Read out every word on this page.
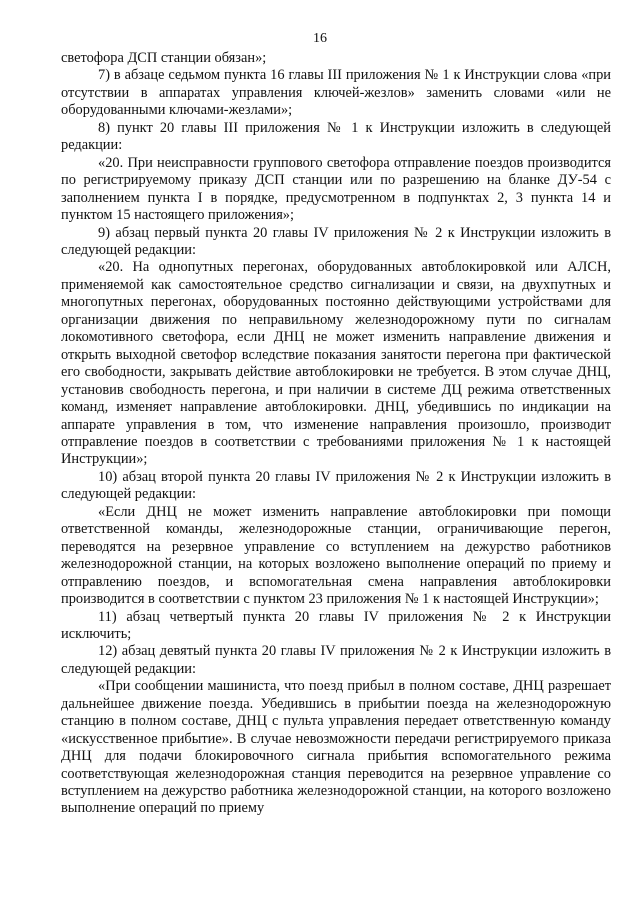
16

светофора ДСП станции обязан»;

7) в абзаце седьмом пункта 16 главы III приложения № 1 к Инструкции слова «при отсутствии в аппаратах управления ключей-жезлов» заменить словами «или не оборудованными ключами-жезлами»;

8) пункт 20 главы III приложения № 1 к Инструкции изложить в следующей редакции:

«20. При неисправности группового светофора отправление поездов производится по регистрируемому приказу ДСП станции или по разрешению на бланке ДУ-54 с заполнением пункта I в порядке, предусмотренном в подпунктах 2, 3 пункта 14 и пунктом 15 настоящего приложения»;

9) абзац первый пункта 20 главы IV приложения № 2 к Инструкции изложить в следующей редакции:

«20. На однопутных перегонах, оборудованных автоблокировкой или АЛСН, применяемой как самостоятельное средство сигнализации и связи, на двухпутных и многопутных перегонах, оборудованных постоянно действующими устройствами для организации движения по неправильному железнодорожному пути по сигналам локомотивного светофора, если ДНЦ не может изменить направление движения и открыть выходной светофор вследствие показания занятости перегона при фактической его свободности, закрывать действие автоблокировки не требуется. В этом случае ДНЦ, установив свободность перегона, и при наличии в системе ДЦ режима ответственных команд, изменяет направление автоблокировки. ДНЦ, убедившись по индикации на аппарате управления в том, что изменение направления произошло, производит отправление поездов в соответствии с требованиями приложения № 1 к настоящей Инструкции»;

10) абзац второй пункта 20 главы IV приложения № 2 к Инструкции изложить в следующей редакции:

«Если ДНЦ не может изменить направление автоблокировки при помощи ответственной команды, железнодорожные станции, ограничивающие перегон, переводятся на резервное управление со вступлением на дежурство работников железнодорожной станции, на которых возложено выполнение операций по приему и отправлению поездов, и вспомогательная смена направления автоблокировки производится в соответствии с пунктом 23 приложения № 1 к настоящей Инструкции»;

11) абзац четвертый пункта 20 главы IV приложения № 2 к Инструкции исключить;

12) абзац девятый пункта 20 главы IV приложения № 2 к Инструкции изложить в следующей редакции:

«При сообщении машиниста, что поезд прибыл в полном составе, ДНЦ разрешает дальнейшее движение поезда. Убедившись в прибытии поезда на железнодорожную станцию в полном составе, ДНЦ с пульта управления передает ответственную команду «искусственное прибытие». В случае невозможности передачи регистрируемого приказа ДНЦ для подачи блокировочного сигнала прибытия вспомогательного режима соответствующая железнодорожная станция переводится на резервное управление со вступлением на дежурство работника железнодорожной станции, на которого возложено выполнение операций по приему
